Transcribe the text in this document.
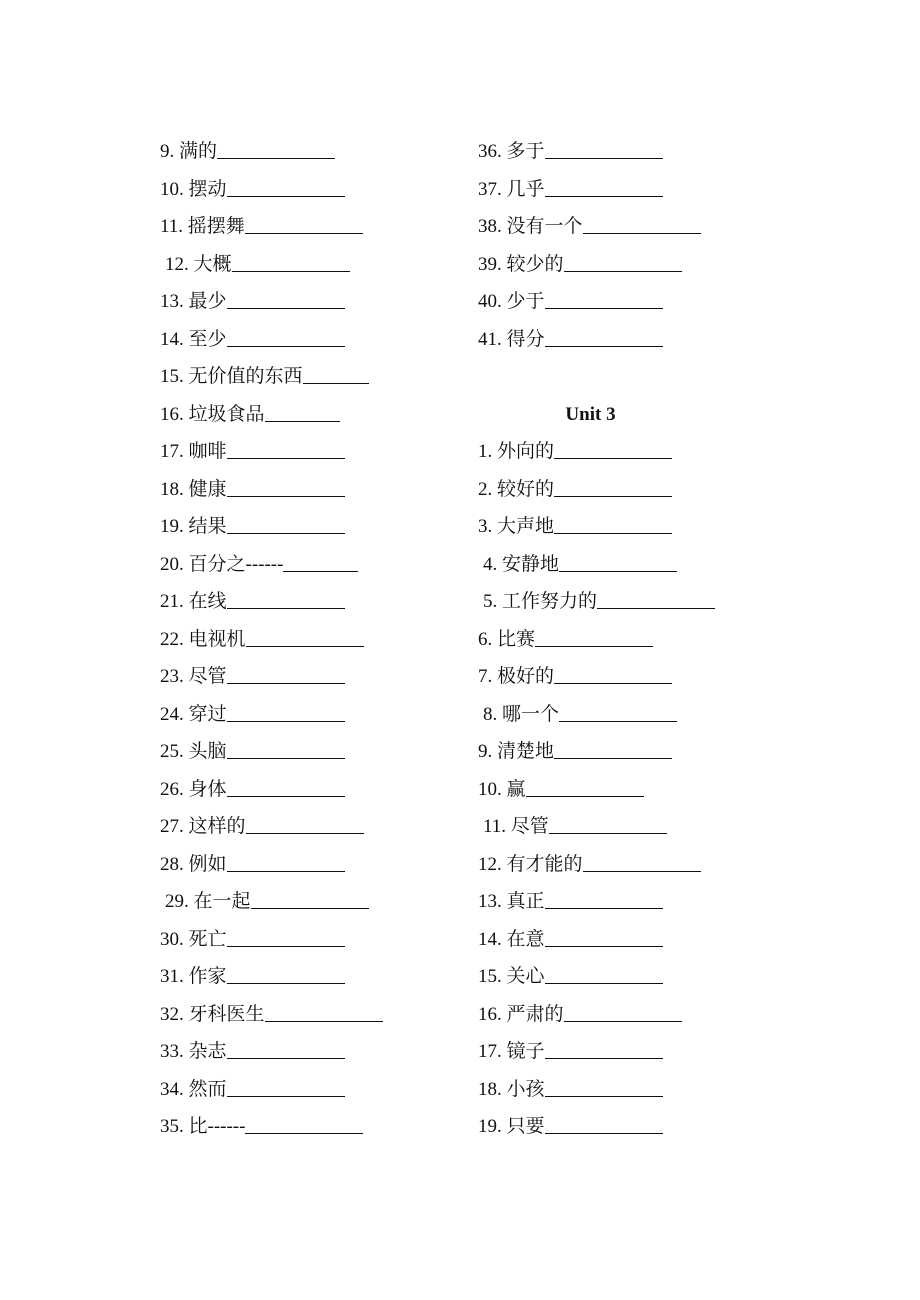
9. 满的
10. 摆动
11. 摇摆舞
12. 大概
13. 最少
14. 至少
15. 无价值的东西
16. 垃圾食品
17. 咖啡
18. 健康
19. 结果
20. 百分之------
21. 在线
22. 电视机
23. 尽管
24. 穿过
25. 头脑
26. 身体
27. 这样的
28. 例如
29. 在一起
30. 死亡
31. 作家
32. 牙科医生
33. 杂志
34. 然而
35. 比------
36. 多于
37. 几乎
38. 没有一个
39. 较少的
40. 少于
41. 得分
Unit 3
1. 外向的
2. 较好的
3. 大声地
4. 安静地
5. 工作努力的
6. 比赛
7. 极好的
8. 哪一个
9. 清楚地
10. 赢
11. 尽管
12. 有才能的
13. 真正
14. 在意
15. 关心
16. 严肃的
17. 镜子
18. 小孩
19. 只要
